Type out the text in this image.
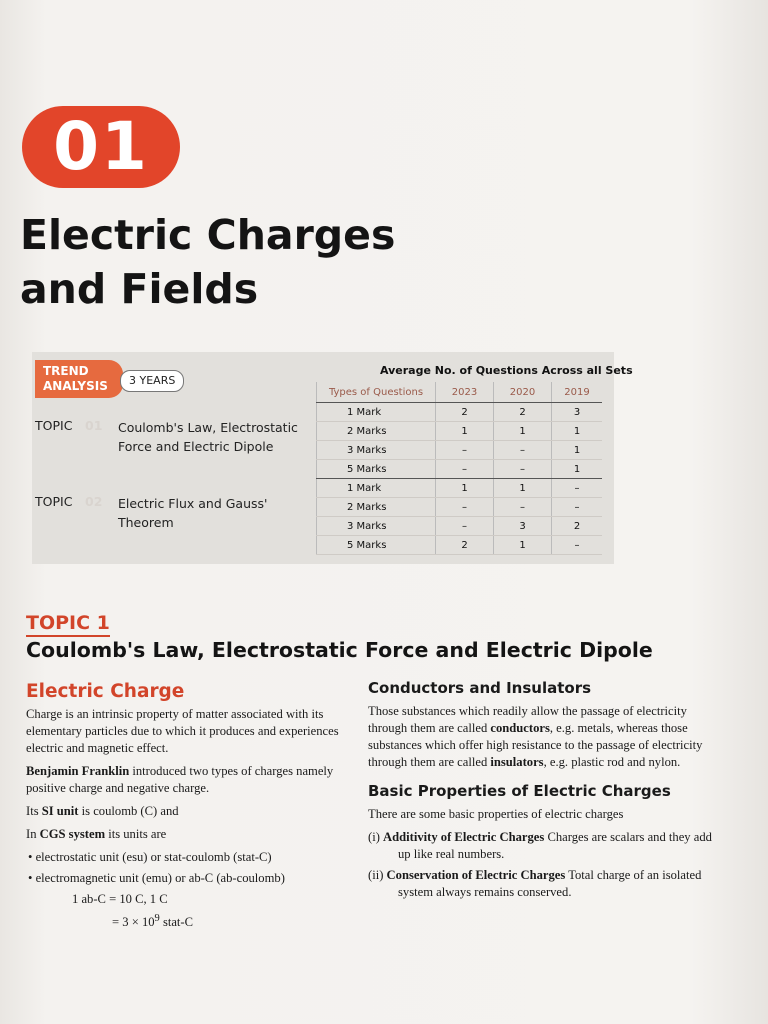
01
Electric Charges
and Fields
TREND
ANALYSIS	3 YEARS
TOPIC 01 Coulomb's Law, Electrostatic Force and Electric Dipole
TOPIC 02 Electric Flux and Gauss' Theorem
Average No. of Questions Across all Sets
Types of Questions	2023	2020	2019
1 Mark	2	2	3
2 Marks	1	1	1
3 Marks	–	–	1
5 Marks	–	–	1
1 Mark	1	1	–
2 Marks	–	–	–
3 Marks	–	3	2
5 Marks	2	1	–
TOPIC 1
Coulomb's Law, Electrostatic Force and Electric Dipole
Electric Charge

Charge is an intrinsic property of matter associated with its elementary particles due to which it produces and experiences electric and magnetic effect.

Benjamin Franklin introduced two types of charges namely positive charge and negative charge.

Its SI unit is coulomb (C) and

In CGS system its units are

• electrostatic unit (esu) or stat-coulomb (stat-C)
• electromagnetic unit (emu) or ab-C (ab-coulomb)
1 ab-C = 10 C, 1 C
= $3 \times 10^9$ stat-C
Conductors and Insulators

Those substances which readily allow the passage of electricity through them are called conductors, e.g. metals, whereas those substances which offer high resistance to the passage of electricity through them are called insulators, e.g. plastic rod and nylon.

Basic Properties of Electric Charges

There are some basic properties of electric charges

(i) Additivity of Electric Charges Charges are scalars and they add up like real numbers.
(ii) Conservation of Electric Charges Total charge of an isolated system always remains conserved.
